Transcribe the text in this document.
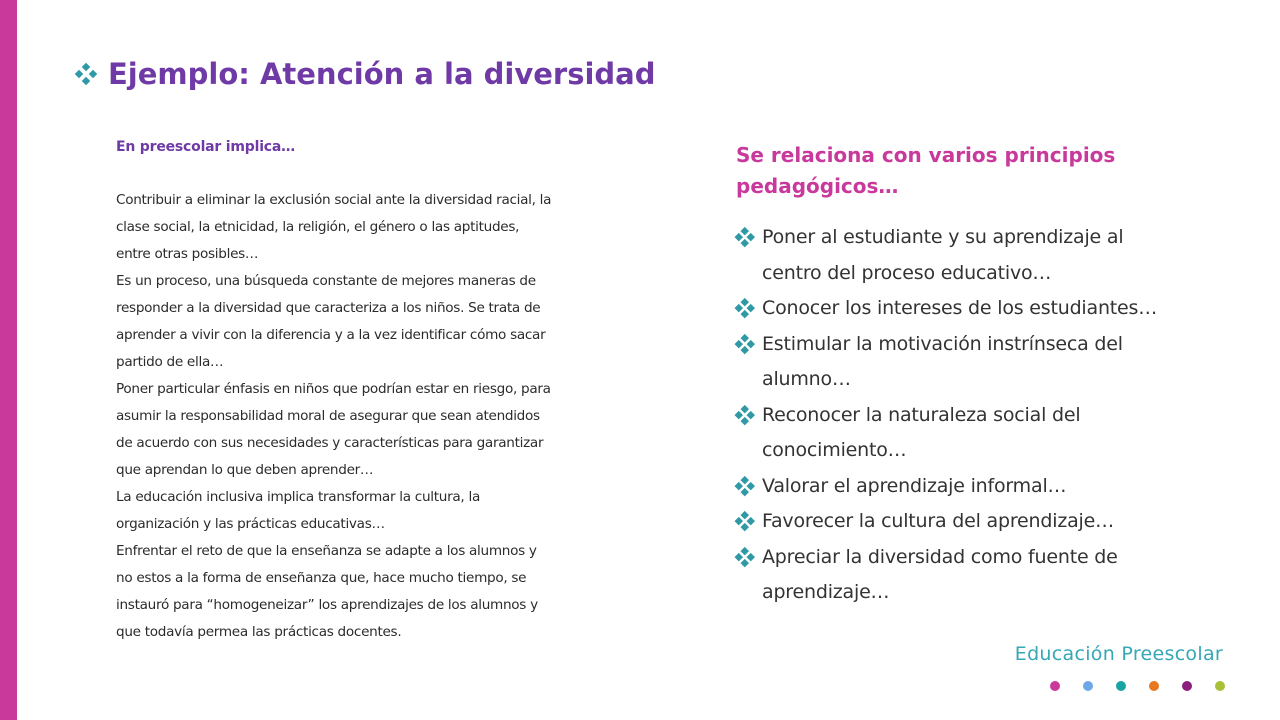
Ejemplo: Atención a la diversidad

En preescolar implica…

Contribuir a eliminar la exclusión social ante la diversidad racial, la

clase social, la etnicidad, la religión, el género o las aptitudes,

entre otras posibles…

Es un proceso, una búsqueda constante de mejores maneras de

responder a la diversidad que caracteriza a los niños. Se trata de

aprender a vivir con la diferencia y a la vez identificar cómo sacar

partido de ella…

Poner particular énfasis en niños que podrían estar en riesgo, para

asumir la responsabilidad moral de asegurar que sean atendidos

de acuerdo con sus necesidades y características para garantizar

que aprendan lo que deben aprender…

La educación inclusiva implica transformar la cultura, la

organización y las prácticas educativas…

Enfrentar el reto de que la enseñanza se adapte a los alumnos y

no estos a la forma de enseñanza que, hace mucho tiempo, se

instauró para “homogeneizar” los aprendizajes de los alumnos y

que todavía permea las prácticas docentes.

Se relaciona con varios principios pedagógicos…

Poner al estudiante y su aprendizaje al
centro del proceso educativo…
Conocer los intereses de los estudiantes…
Estimular la motivación instrínseca del
alumno…
Reconocer la naturaleza social del
conocimiento…
Valorar el aprendizaje informal…
Favorecer la cultura del aprendizaje…
Apreciar la diversidad como fuente de
aprendizaje…
Educación Preescolar
